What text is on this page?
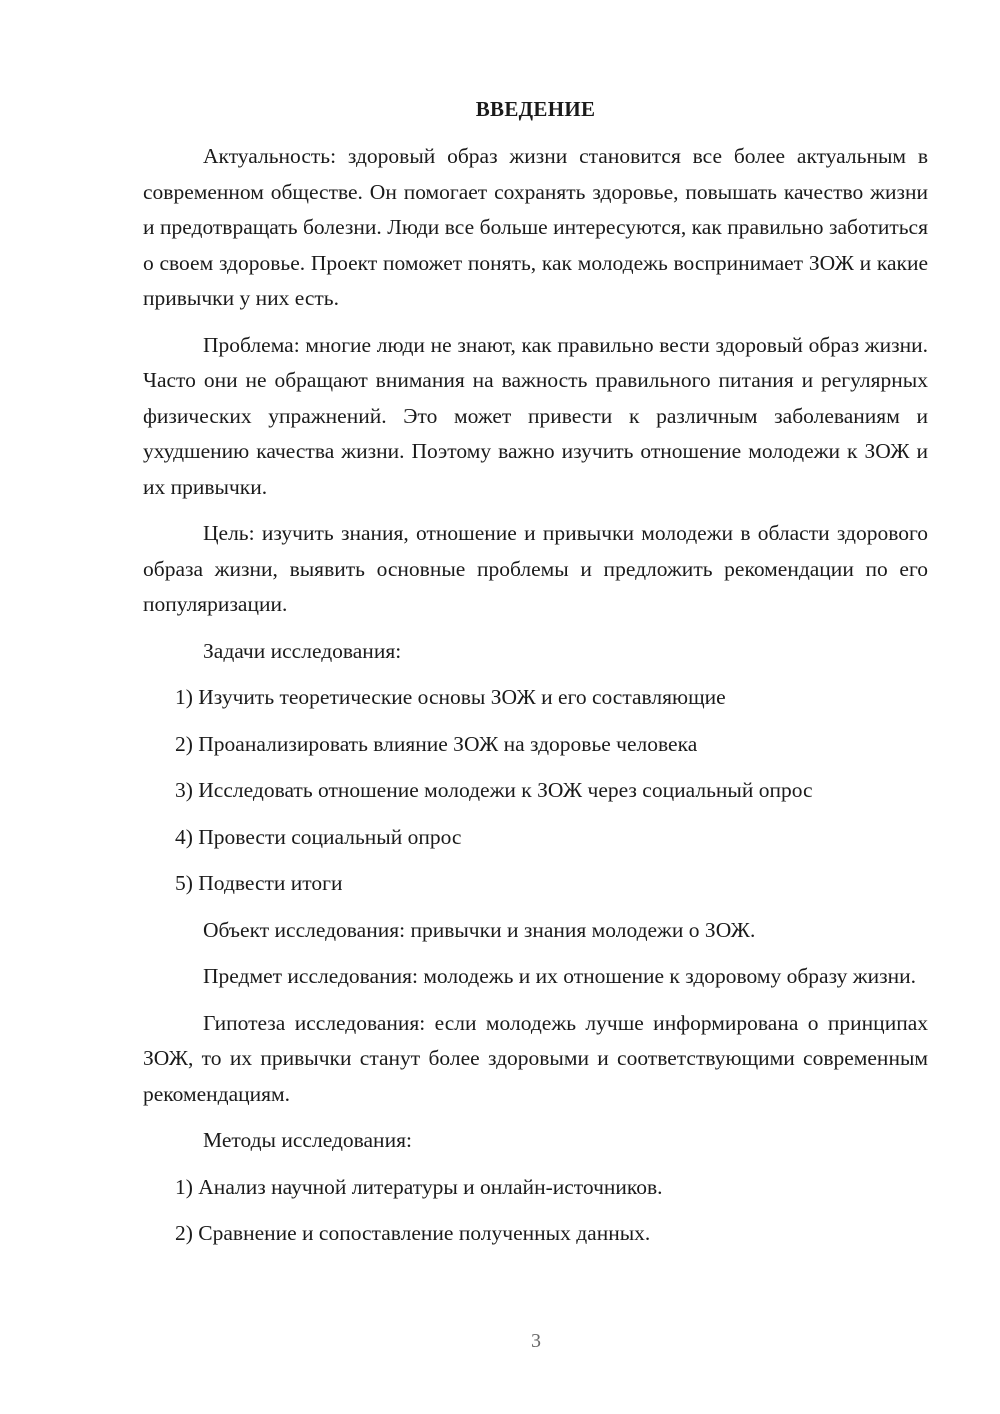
ВВЕДЕНИЕ

Актуальность: здоровый образ жизни становится все более актуальным в современном обществе. Он помогает сохранять здоровье, повышать качество жизни и предотвращать болезни. Люди все больше интересуются, как правильно заботиться о своем здоровье. Проект поможет понять, как молодежь воспринимает ЗОЖ и какие привычки у них есть.

Проблема: многие люди не знают, как правильно вести здоровый образ жизни. Часто они не обращают внимания на важность правильного питания и регулярных физических упражнений. Это может привести к различным заболеваниям и ухудшению качества жизни. Поэтому важно изучить отношение молодежи к ЗОЖ и их привычки.

Цель: изучить знания, отношение и привычки молодежи в области здорового образа жизни, выявить основные проблемы и предложить рекомендации по его популяризации.

Задачи исследования:

1) Изучить теоретические основы ЗОЖ и его составляющие

2) Проанализировать влияние ЗОЖ на здоровье человека

3) Исследовать отношение молодежи к ЗОЖ через социальный опрос

4) Провести социальный опрос

5) Подвести итоги

Объект исследования: привычки и знания молодежи о ЗОЖ.

Предмет исследования: молодежь и их отношение к здоровому образу жизни.

Гипотеза исследования: если молодежь лучше информирована о принципах ЗОЖ, то их привычки станут более здоровыми и соответствующими современным рекомендациям.

Методы исследования:

1) Анализ научной литературы и онлайн-источников.

2) Сравнение и сопоставление полученных данных.

3
